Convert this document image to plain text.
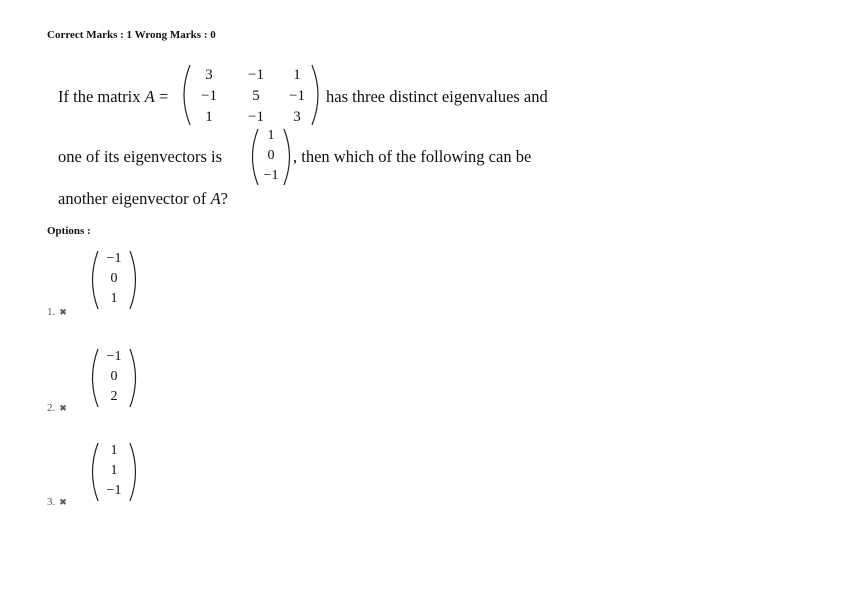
Correct Marks : 1 Wrong Marks : 0
If the matrix A =
3	−1	1
−1	5	−1
1	−1	3
has three distinct eigenvalues and
one of its eigenvectors is
1
0
−1
, then which of the following can be
another eigenvector of A?
Options :
−1
0
1
1. ✖
−1
0
2
2. ✖
1
1
−1
3. ✖
